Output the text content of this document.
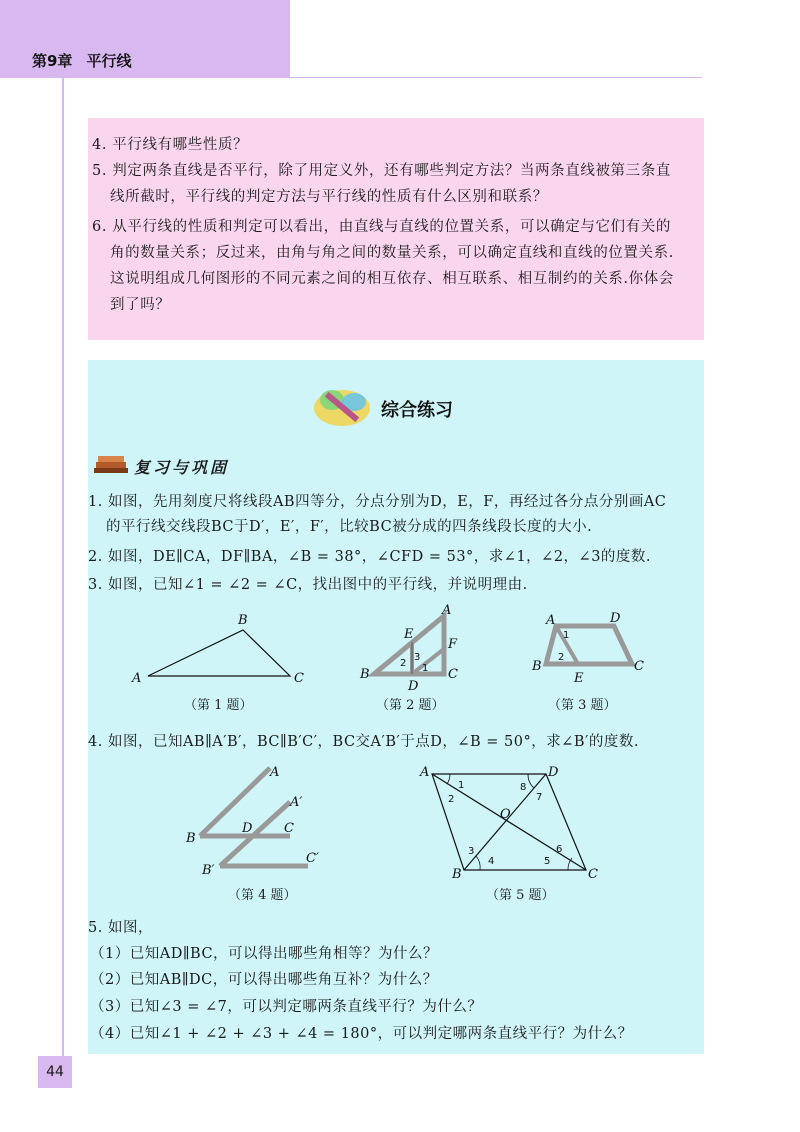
第9章 平行线
4. 平行线有哪些性质？
5. 判定两条直线是否平行，除了用定义外，还有哪些判定方法？当两条直线被第三条直
线所截时，平行线的判定方法与平行线的性质有什么区别和联系？
6. 从平行线的性质和判定可以看出，由直线与直线的位置关系，可以确定与它们有关的
角的数量关系；反过来，由角与角之间的数量关系，可以确定直线和直线的位置关系.
这说明组成几何图形的不同元素之间的相互依存、相互联系、相互制约的关系.你体会
到了吗？
综合练习
复习与巩固
1. 如图，先用刻度尺将线段AB四等分，分点分别为D，E，F，再经过各分点分别画AC
的平行线交线段BC于D′，E′，F′，比较BC被分成的四条线段长度的大小.
2. 如图，DE∥CA，DF∥BA，∠B = 38°，∠CFD = 53°，求∠1，∠2，∠3的度数.
3. 如图，已知∠1 = ∠2 = ∠C，找出图中的平行线，并说明理由.
A
B
C
（第 1 题）
A
B	C
D
E
F
1
2
3
（第 2 题）
A
B	C
D
E
1
2
（第 3 题）
4. 如图，已知AB∥A′B′，BC∥B′C′，BC交A′B′于点D，∠B = 50°，求∠B′的度数.
A
A′
B
B′
C
C′
D
（第 4 题）
A
B	C
D
O
1
2
3
4	5
6
7
8
（第 5 题）
5. 如图，
（1）已知AD∥BC，可以得出哪些角相等？为什么？
（2）已知AB∥DC，可以得出哪些角互补？为什么？
（3）已知∠3 = ∠7，可以判定哪两条直线平行？为什么？
（4）已知∠1 + ∠2 + ∠3 + ∠4 = 180°，可以判定哪两条直线平行？为什么？
44
